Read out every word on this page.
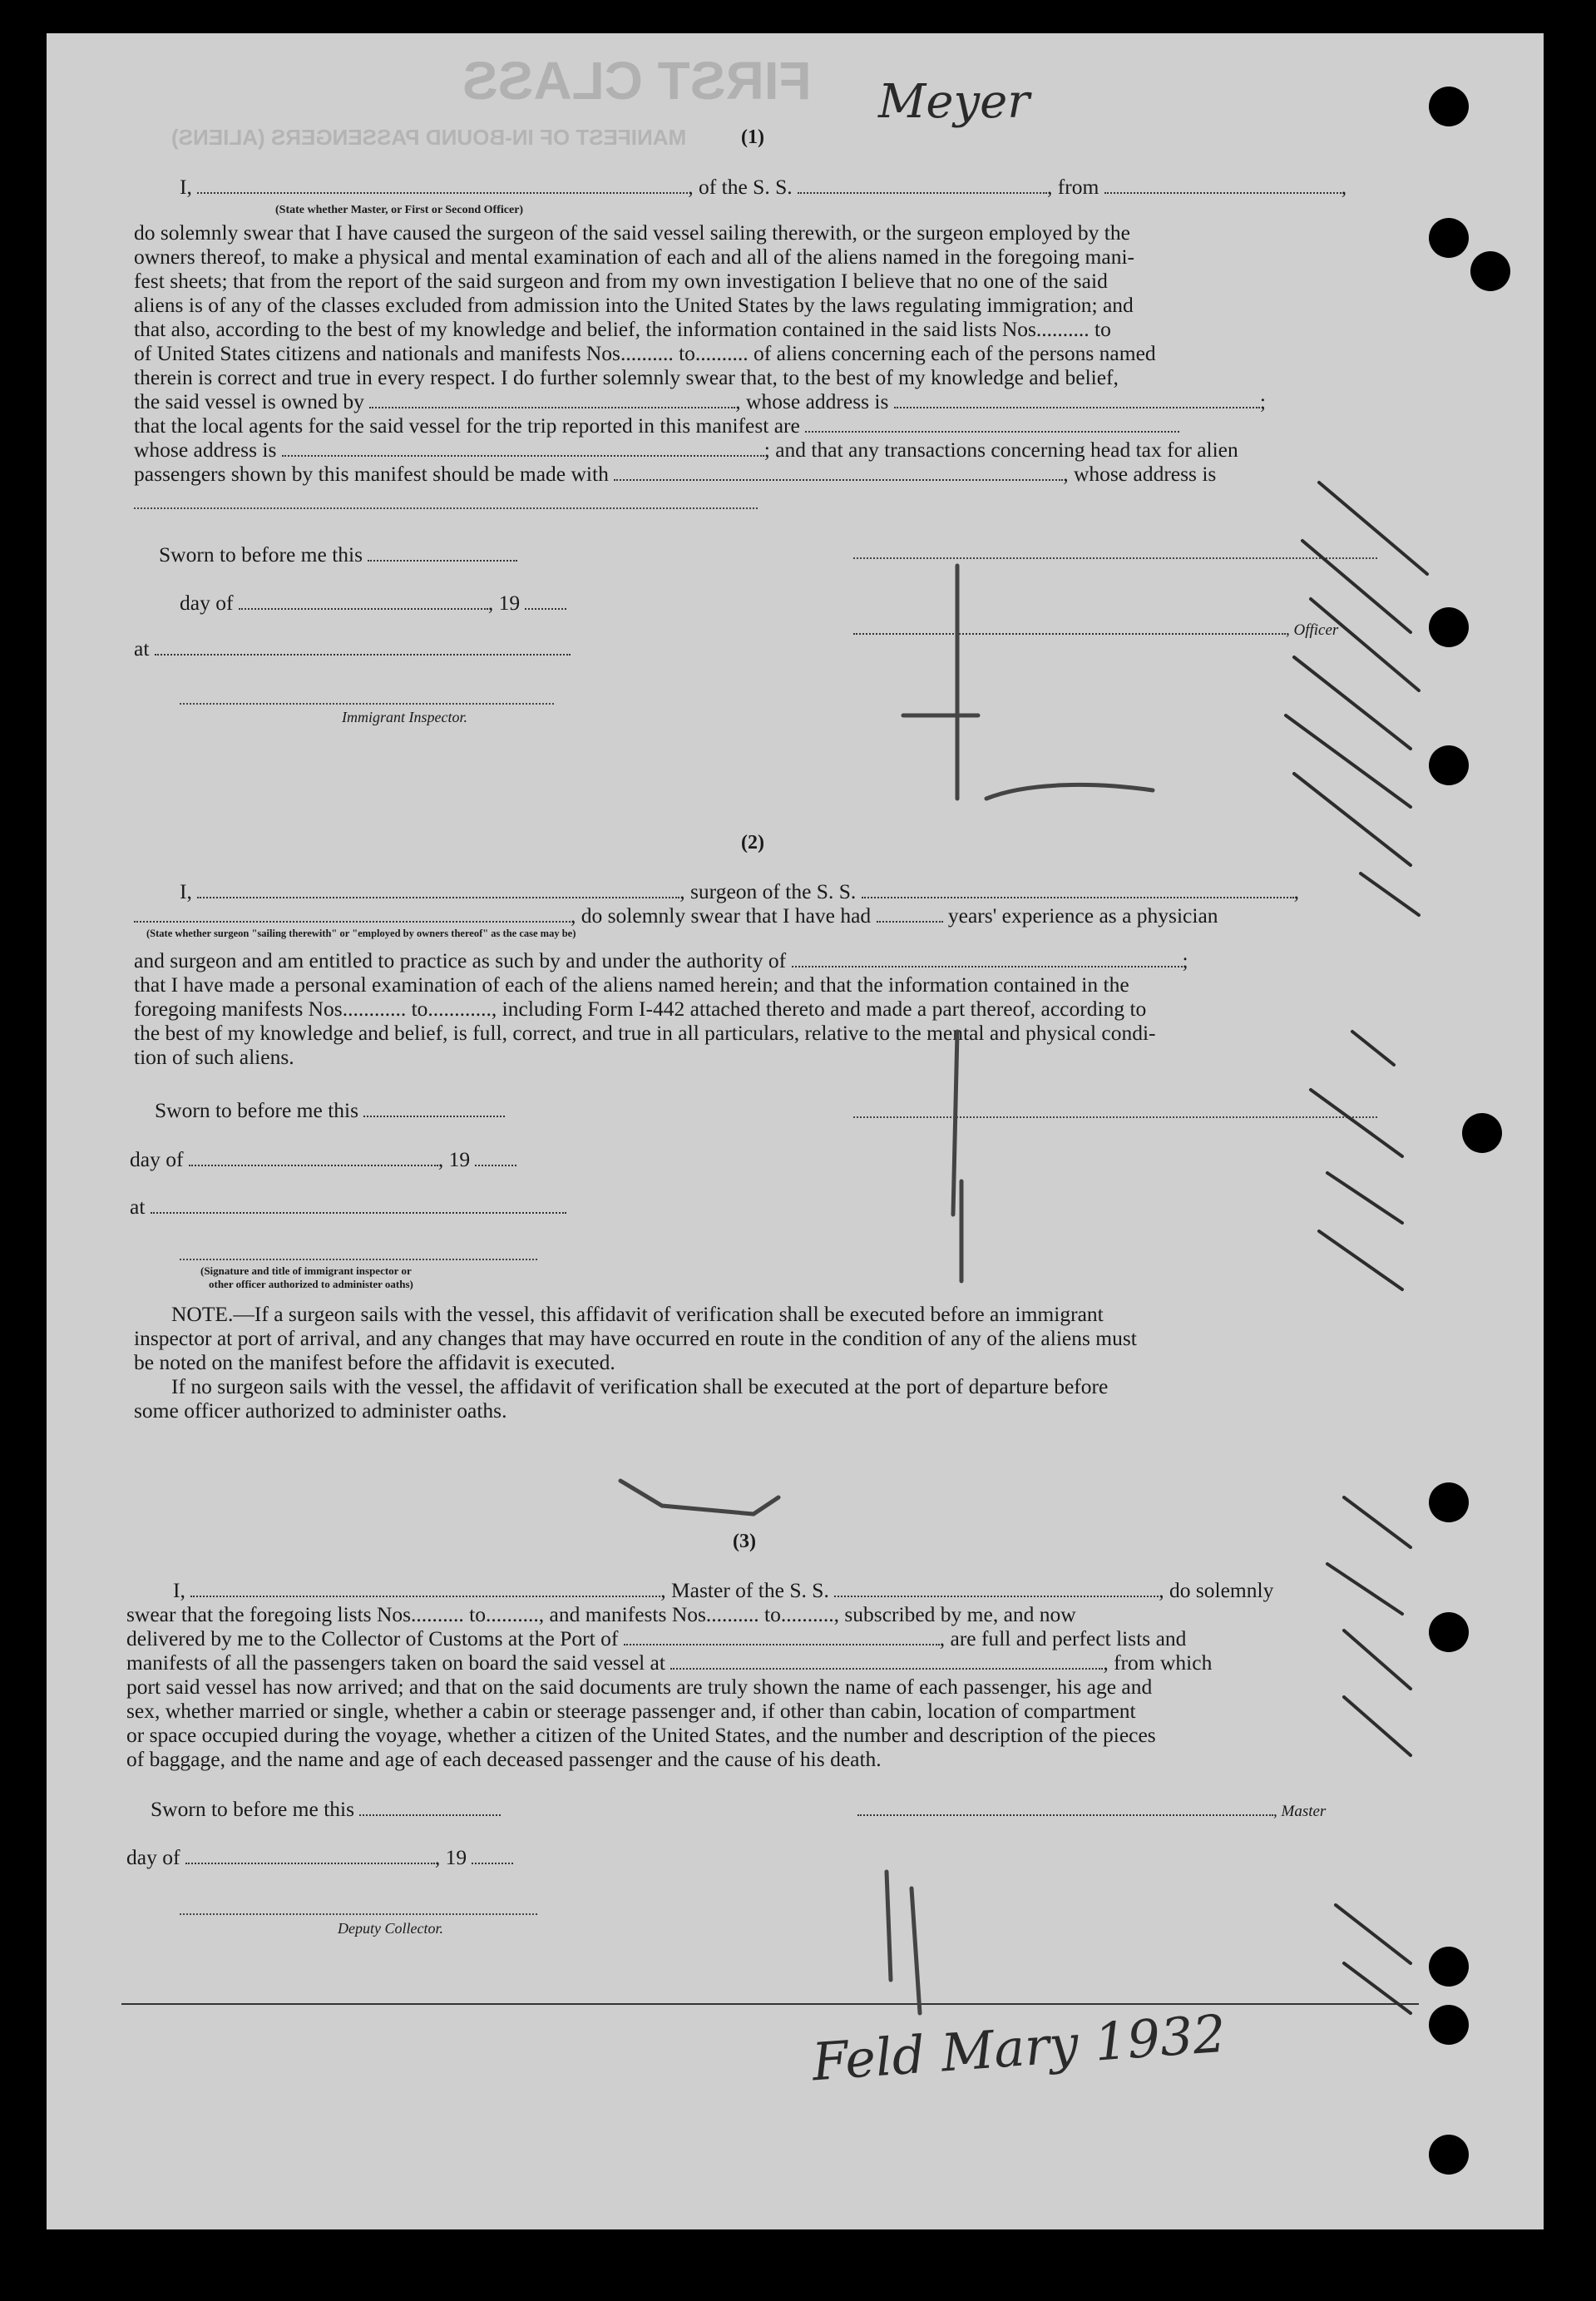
FIRST CLASS
MANIFEST OF IN-BOUND PASSENGERS (ALIENS)
Meyer
(1)
I,	, of the S. S.	, from	,
(State whether Master, or First or Second Officer)
do solemnly swear that I have caused the surgeon of the said vessel sailing therewith, or the surgeon employed by the
owners thereof, to make a physical and mental examination of each and all of the aliens named in the foregoing mani-
fest sheets; that from the report of the said surgeon and from my own investigation I believe that no one of the said
aliens is of any of the classes excluded from admission into the United States by the laws regulating immigration; and
that also, according to the best of my knowledge and belief, the information contained in the said lists Nos.......... to
of United States citizens and nationals and manifests Nos.......... to.......... of aliens concerning each of the persons named
therein is correct and true in every respect. I do further solemnly swear that, to the best of my knowledge and belief,
the said vessel is owned by	, whose address is	;
that the local agents for the said vessel for the trip reported in this manifest are
whose address is	; and that any transactions concerning head tax for alien
passengers shown by this manifest should be made with	, whose address is
Sworn to before me this
day of	, 19
, Officer
at
Immigrant Inspector.
(2)
I,	, surgeon of the S. S.	,
, do solemnly swear that I have had	years' experience as a physician
(State whether surgeon "sailing therewith" or "employed by owners thereof" as the case may be)
and surgeon and am entitled to practice as such by and under the authority of	;
that I have made a personal examination of each of the aliens named herein; and that the information contained in the
foregoing manifests Nos............ to............, including Form I-442 attached thereto and made a part thereof, according to
the best of my knowledge and belief, is full, correct, and true in all particulars, relative to the mental and physical condi-
tion of such aliens.
Sworn to before me this
day of	, 19
at
(Signature and title of immigrant inspector or
other officer authorized to administer oaths)
NOTE.—If a surgeon sails with the vessel, this affidavit of verification shall be executed before an immigrant
inspector at port of arrival, and any changes that may have occurred en route in the condition of any of the aliens must
be noted on the manifest before the affidavit is executed.
If no surgeon sails with the vessel, the affidavit of verification shall be executed at the port of departure before
some officer authorized to administer oaths.
(3)
I,	, Master of the S. S.	, do solemnly
swear that the foregoing lists Nos.......... to.........., and manifests Nos.......... to.........., subscribed by me, and now
delivered by me to the Collector of Customs at the Port of	, are full and perfect lists and
manifests of all the passengers taken on board the said vessel at	, from which
port said vessel has now arrived; and that on the said documents are truly shown the name of each passenger, his age and
sex, whether married or single, whether a cabin or steerage passenger and, if other than cabin, location of compartment
or space occupied during the voyage, whether a citizen of the United States, and the number and description of the pieces
of baggage, and the name and age of each deceased passenger and the cause of his death.
Sworn to before me this	, Master
day of	, 19
Deputy Collector.
Feld Mary 1932
